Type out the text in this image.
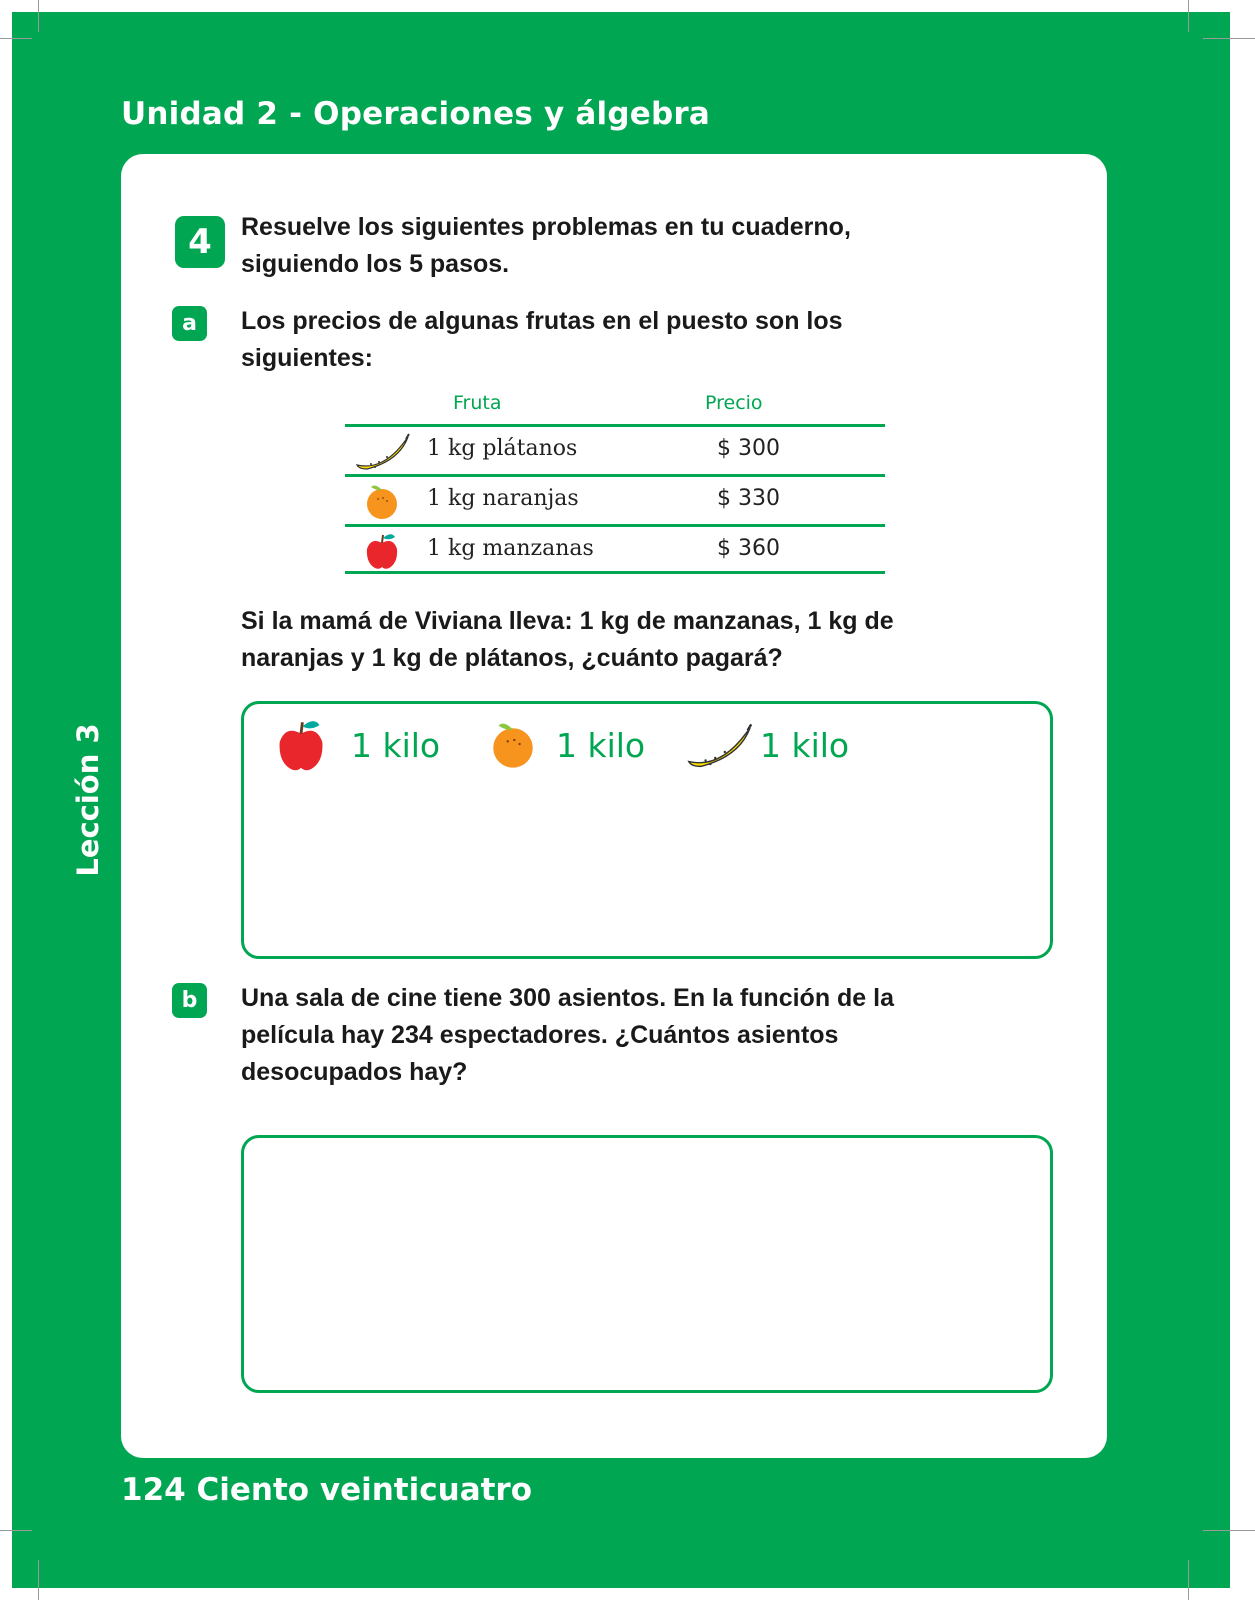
Unidad 2 - Operaciones y álgebra
Lección 3
124 Ciento veinticuatro
4	Resuelve los siguientes problemas en tu cuaderno, siguiendo los 5 pasos.
a	Los precios de algunas frutas en el puesto son los siguientes:
Fruta	Precio
1 kg plátanos	$ 300
1 kg naranjas	$ 330
1 kg manzanas	$ 360
Si la mamá de Viviana lleva: 1 kg de manzanas, 1 kg de naranjas y 1 kg de plátanos, ¿cuánto pagará?
1 kilo	1 kilo	1 kilo
b	Una sala de cine tiene 300 asientos. En la función de la película hay 234 espectadores. ¿Cuántos asientos desocupados hay?
